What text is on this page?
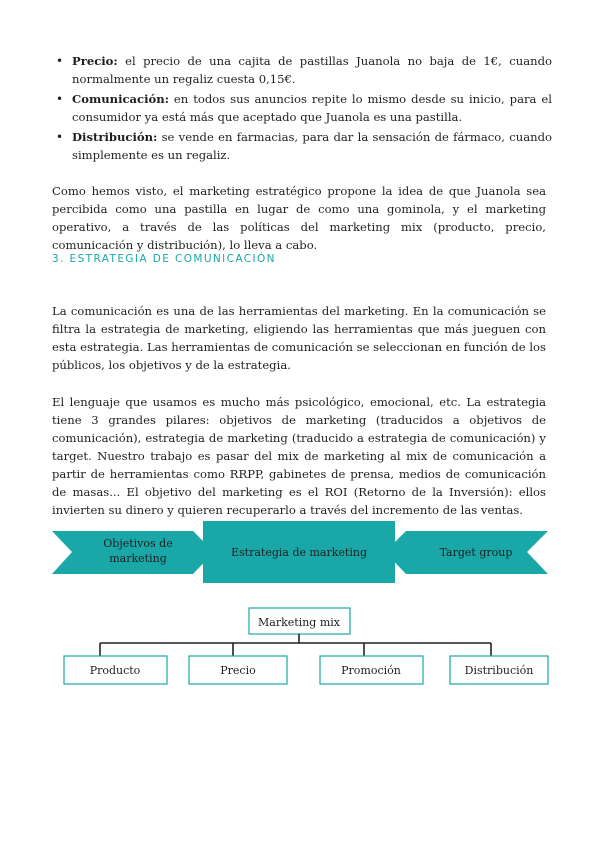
• Precio: el precio de una cajita de pastillas Juanola no baja de 1€, cuando normalmente un regaliz cuesta 0,15€.
• Comunicación: en todos sus anuncios repite lo mismo desde su inicio, para el consumidor ya está más que aceptado que Juanola es una pastilla.
• Distribución: se vende en farmacias, para dar la sensación de fármaco, cuando simplemente es un regaliz.

Como hemos visto, el marketing estratégico propone la idea de que Juanola sea percibida como una pastilla en lugar de como una gominola, y el marketing operativo, a través de las políticas del marketing mix (producto, precio, comunicación y distribución), lo lleva a cabo.

3. ESTRATEGIA DE COMUNICACIÓN

La comunicación es una de las herramientas del marketing. En la comunicación se filtra la estrategia de marketing, eligiendo las herramientas que más jueguen con esta estrategia. Las herramientas de comunicación se seleccionan en función de los públicos, los objetivos y de la estrategia.

El lenguaje que usamos es mucho más psicológico, emocional, etc. La estrategia tiene 3 grandes pilares: objetivos de marketing (traducidos a objetivos de comunicación), estrategia de marketing (traducido a estrategia de comunicación) y target. Nuestro trabajo es pasar del mix de marketing al mix de comunicación a partir de herramientas como RRPP, gabinetes de prensa, medios de comunicación de masas... El objetivo del marketing es el ROI (Retorno de la Inversión): ellos invierten su dinero y quieren recuperarlo a través del incremento de las ventas.

Objetivos de
marketing	Estrategia de marketing	Target group
Marketing mix
Producto	Precio	Promoción	Distribución
